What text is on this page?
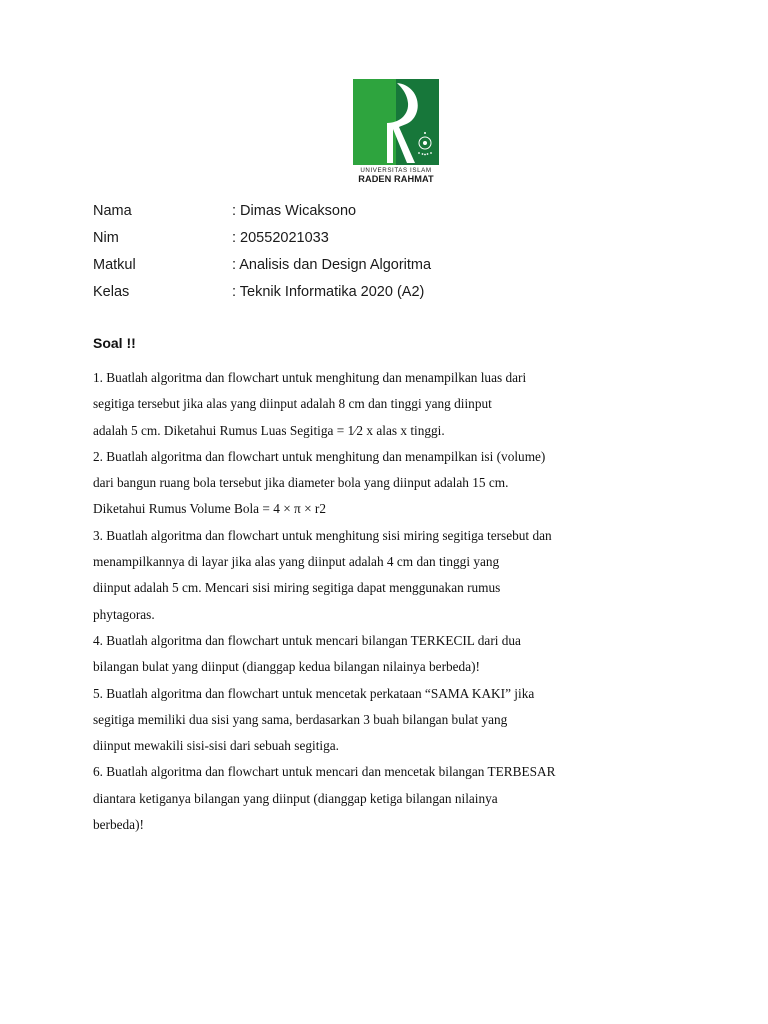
UNIVERSITAS ISLAM
RADEN RAHMAT
Nama	: Dimas Wicaksono
Nim	: 20552021033
Matkul	: Analisis dan Design Algoritma
Kelas	: Teknik Informatika 2020 (A2)
Soal !!
1. Buatlah algoritma dan flowchart untuk menghitung dan menampilkan luas dari
segitiga tersebut jika alas yang diinput adalah 8 cm dan tinggi yang diinput
adalah 5 cm. Diketahui Rumus Luas Segitiga = 1⁄2 x alas x tinggi.
2. Buatlah algoritma dan flowchart untuk menghitung dan menampilkan isi (volume)
dari bangun ruang bola tersebut jika diameter bola yang diinput adalah 15 cm.
Diketahui Rumus Volume Bola = 4 × π × r2
3. Buatlah algoritma dan flowchart untuk menghitung sisi miring segitiga tersebut dan
menampilkannya di layar jika alas yang diinput adalah 4 cm dan tinggi yang
diinput adalah 5 cm. Mencari sisi miring segitiga dapat menggunakan rumus
phytagoras.
4. Buatlah algoritma dan flowchart untuk mencari bilangan TERKECIL dari dua
bilangan bulat yang diinput (dianggap kedua bilangan nilainya berbeda)!
5. Buatlah algoritma dan flowchart untuk mencetak perkataan “SAMA KAKI” jika
segitiga memiliki dua sisi yang sama, berdasarkan 3 buah bilangan bulat yang
diinput mewakili sisi-sisi dari sebuah segitiga.
6. Buatlah algoritma dan flowchart untuk mencari dan mencetak bilangan TERBESAR
diantara ketiganya bilangan yang diinput (dianggap ketiga bilangan nilainya
berbeda)!
